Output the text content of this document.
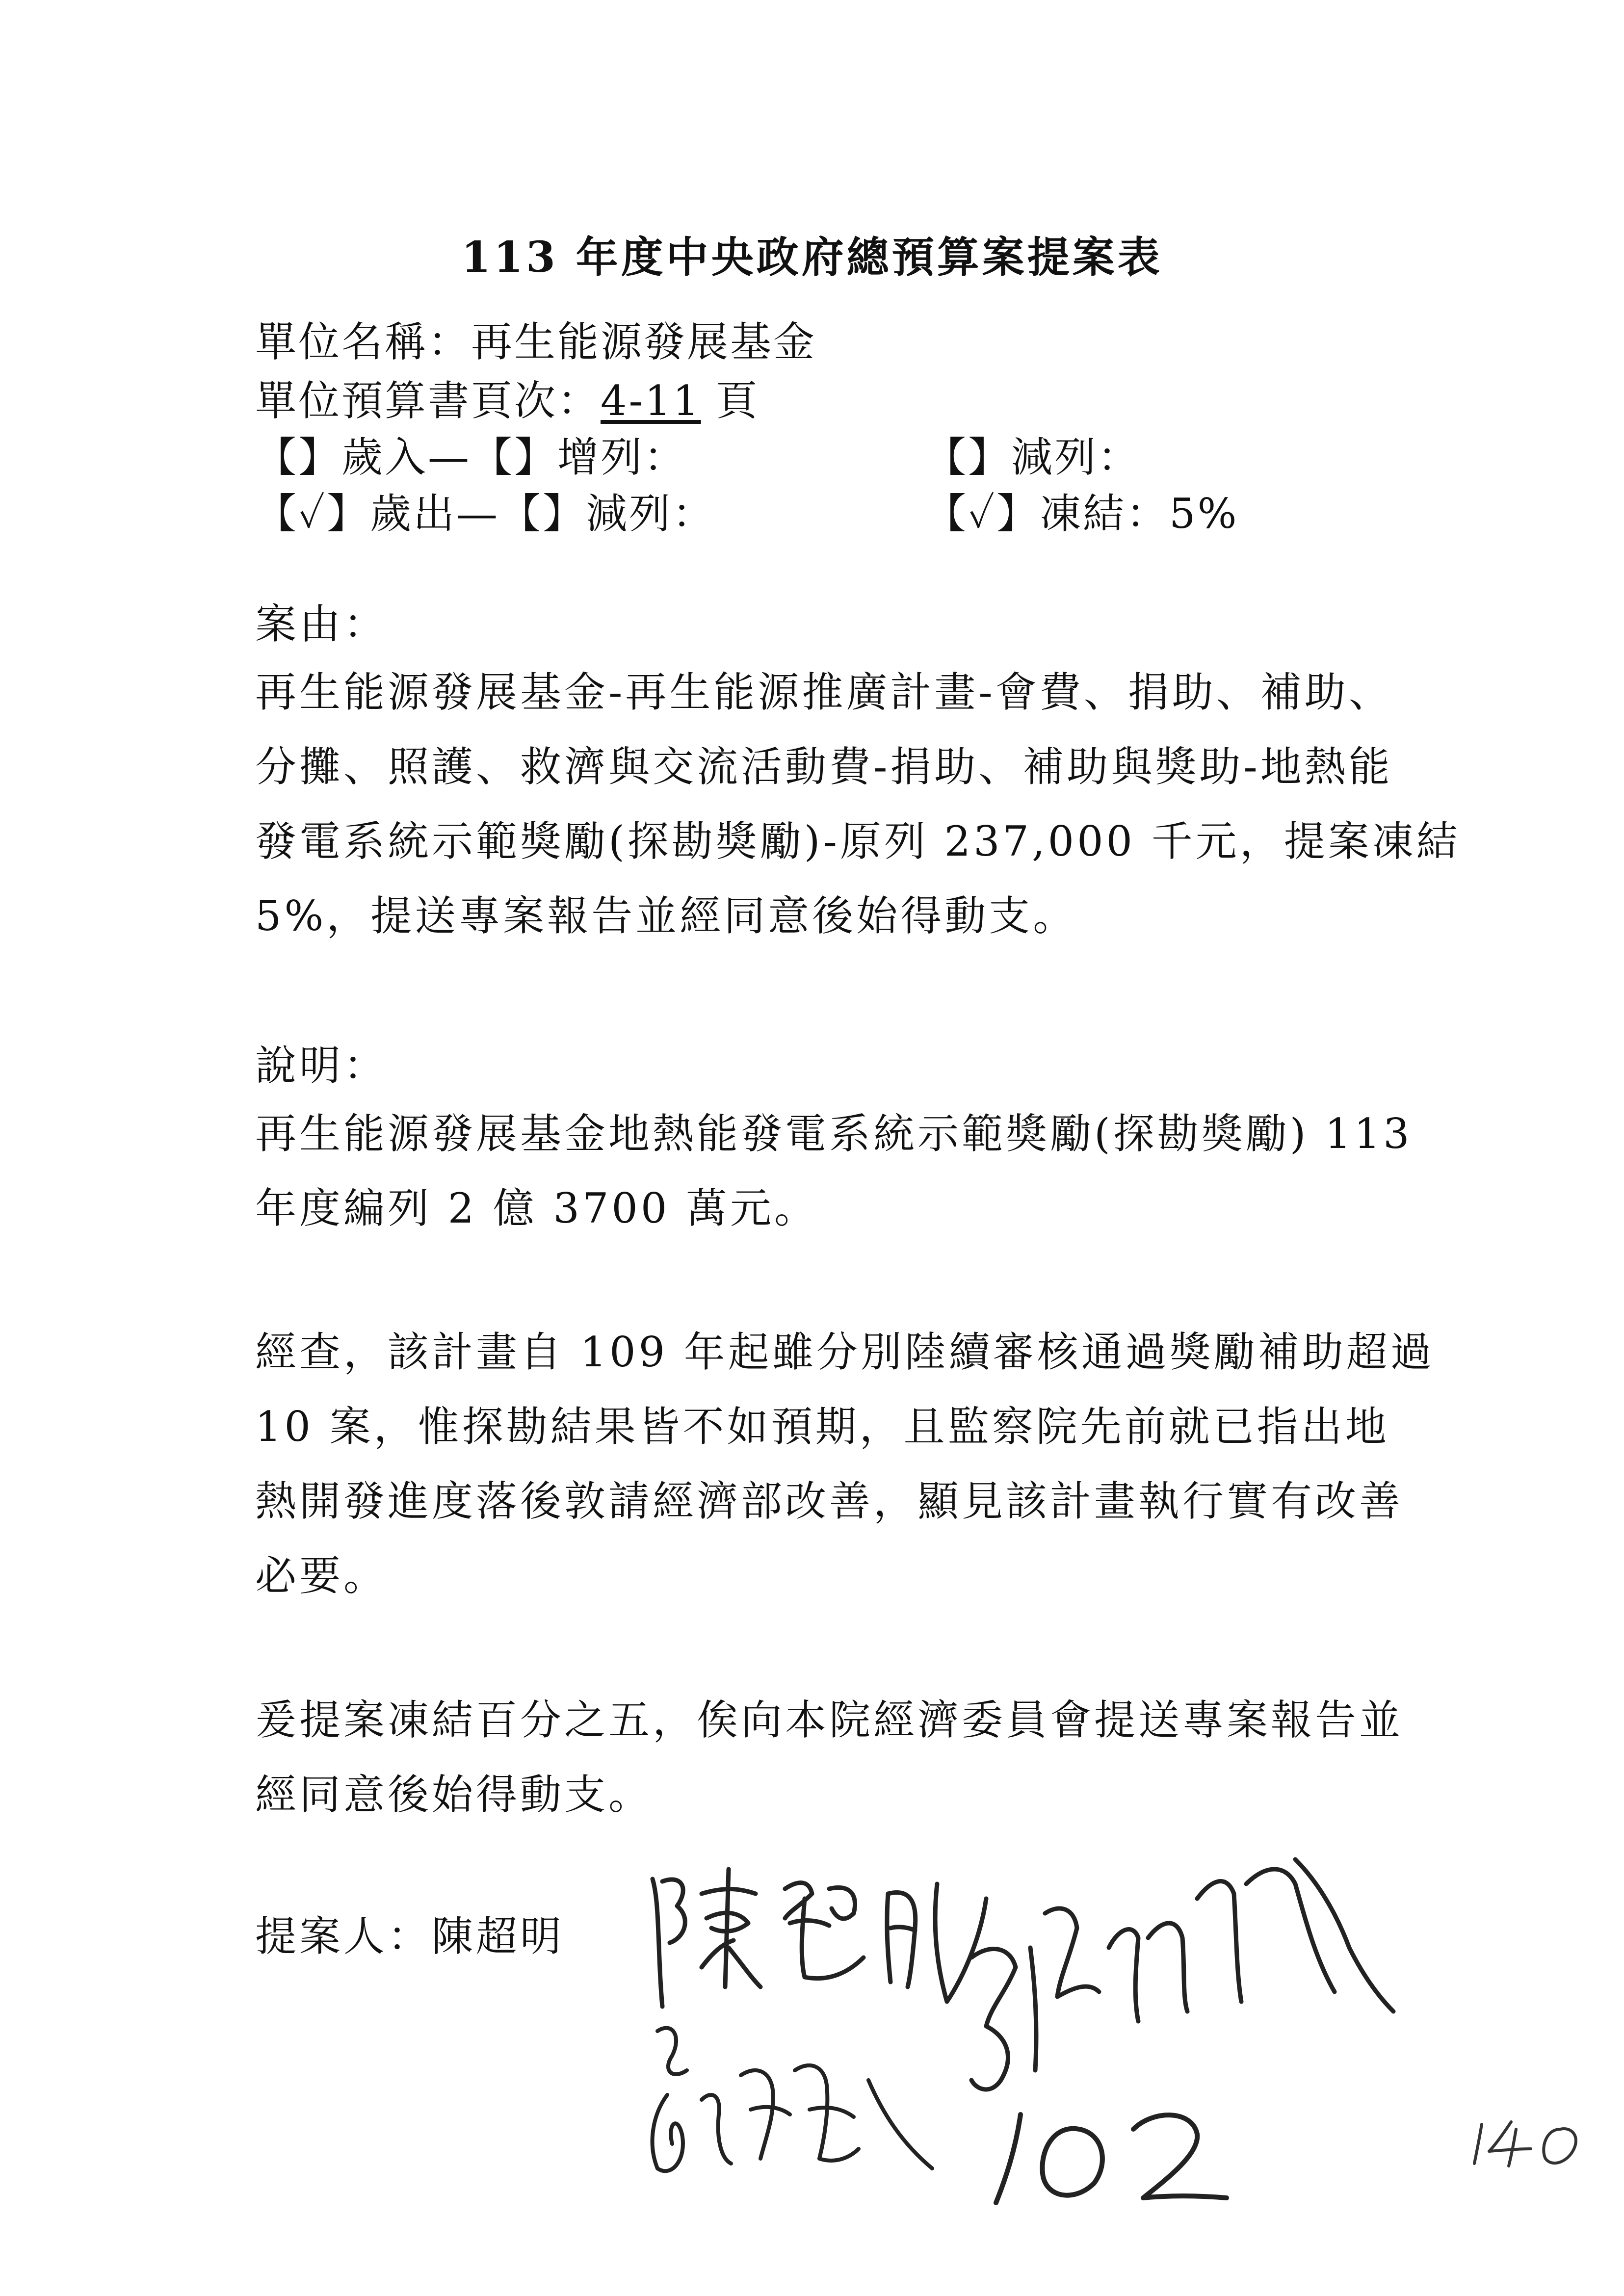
113 年度中央政府總預算案提案表
單位名稱：再生能源發展基金
單位預算書頁次：4-11 頁
【】歲入—【】增列：	【】減列：
【✓】歲出—【】減列：	【✓】凍結：5%
案由：
再生能源發展基金-再生能源推廣計畫-會費、捐助、補助、
分攤、照護、救濟與交流活動費-捐助、補助與獎助-地熱能
發電系統示範獎勵(探勘獎勵)-原列 237,000 千元，提案凍結
5%，提送專案報告並經同意後始得動支。
說明：
再生能源發展基金地熱能發電系統示範獎勵(探勘獎勵) 113
年度編列 2 億 3700 萬元。
經查，該計畫自 109 年起雖分別陸續審核通過獎勵補助超過
10 案，惟探勘結果皆不如預期，且監察院先前就已指出地
熱開發進度落後敦請經濟部改善，顯見該計畫執行實有改善
必要。
爰提案凍結百分之五，俟向本院經濟委員會提送專案報告並
經同意後始得動支。
提案人：陳超明
